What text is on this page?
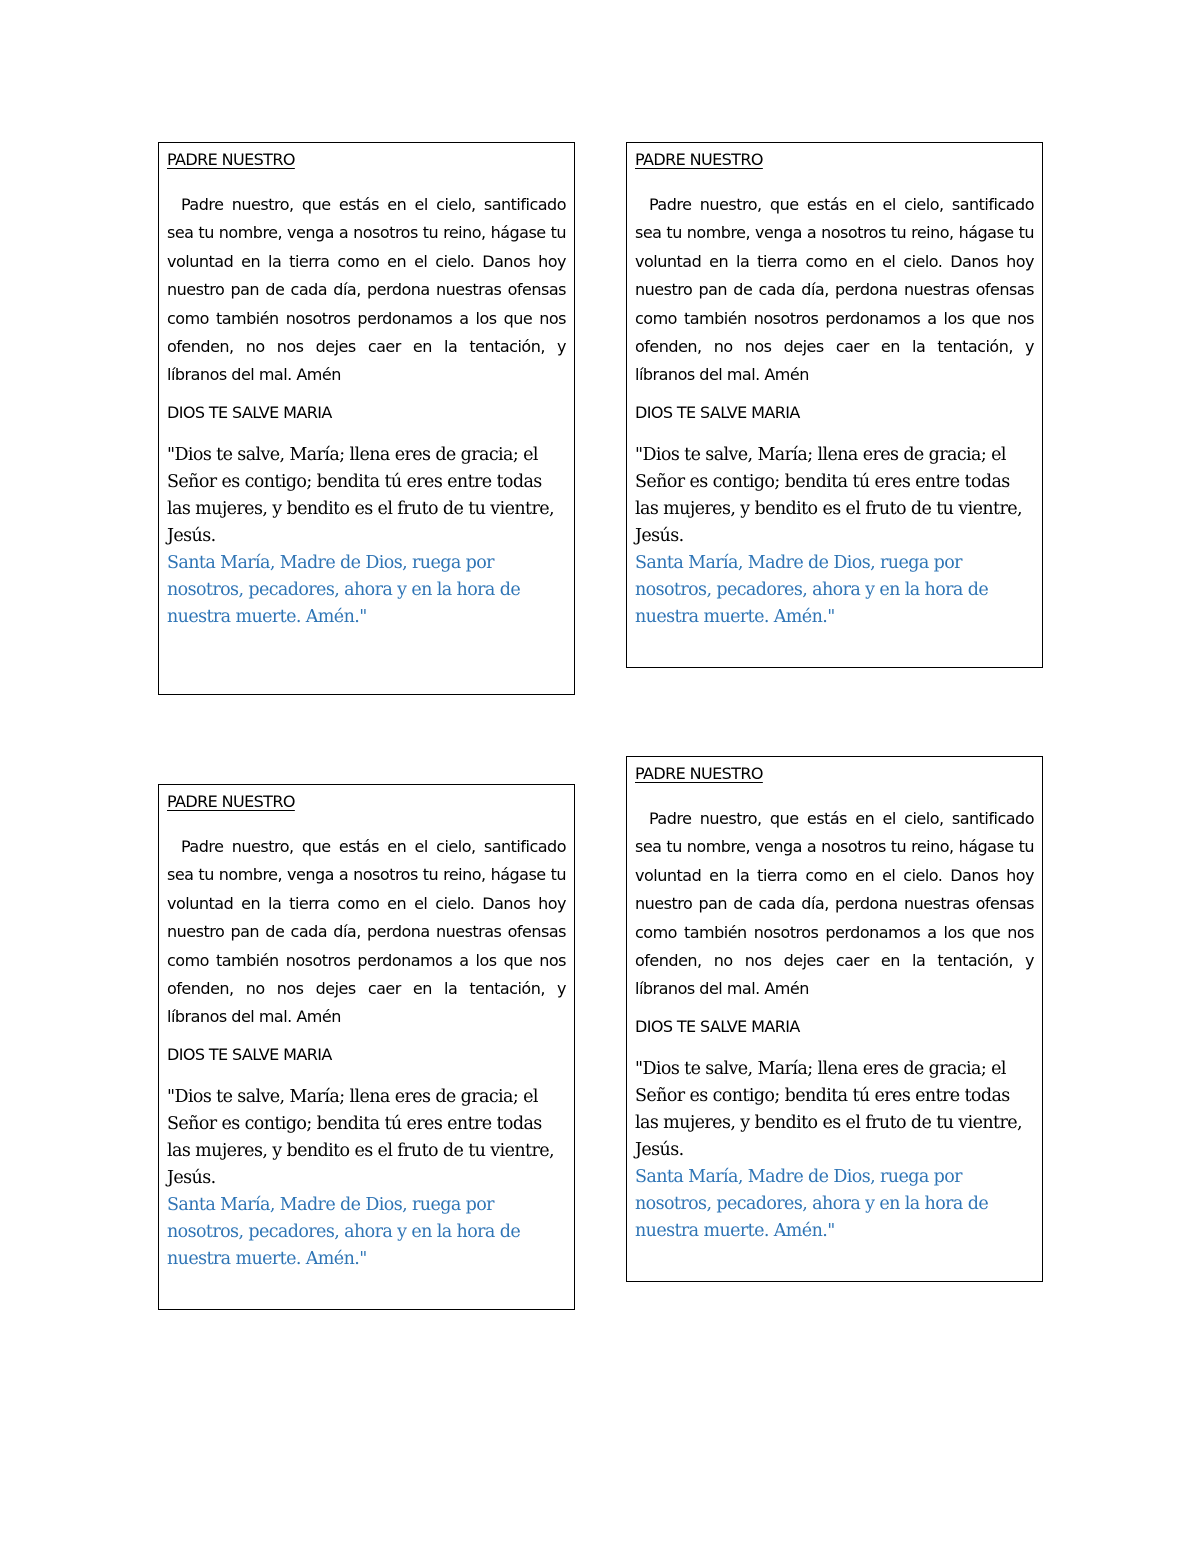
PADRE NUESTRO

Padre nuestro, que estás en el cielo, santificado sea tu nombre, venga a nosotros tu reino, hágase tu voluntad en la tierra como en el cielo. Danos hoy nuestro pan de cada día, perdona nuestras ofensas como también nosotros perdonamos a los que nos ofenden, no nos dejes caer en la tentación, y líbranos del mal. Amén

DIOS TE SALVE MARIA

"Dios te salve, María; llena eres de gracia; el Señor es contigo; bendita tú eres entre todas las mujeres, y bendito es el fruto de tu vientre, Jesús.
Santa María, Madre de Dios, ruega por nosotros, pecadores, ahora y en la hora de nuestra muerte. Amén."

PADRE NUESTRO

Padre nuestro, que estás en el cielo, santificado sea tu nombre, venga a nosotros tu reino, hágase tu voluntad en la tierra como en el cielo. Danos hoy nuestro pan de cada día, perdona nuestras ofensas como también nosotros perdonamos a los que nos ofenden, no nos dejes caer en la tentación, y líbranos del mal. Amén

DIOS TE SALVE MARIA

"Dios te salve, María; llena eres de gracia; el Señor es contigo; bendita tú eres entre todas las mujeres, y bendito es el fruto de tu vientre, Jesús.
Santa María, Madre de Dios, ruega por nosotros, pecadores, ahora y en la hora de nuestra muerte. Amén."

PADRE NUESTRO

Padre nuestro, que estás en el cielo, santificado sea tu nombre, venga a nosotros tu reino, hágase tu voluntad en la tierra como en el cielo. Danos hoy nuestro pan de cada día, perdona nuestras ofensas como también nosotros perdonamos a los que nos ofenden, no nos dejes caer en la tentación, y líbranos del mal. Amén

DIOS TE SALVE MARIA

"Dios te salve, María; llena eres de gracia; el Señor es contigo; bendita tú eres entre todas las mujeres, y bendito es el fruto de tu vientre, Jesús.
Santa María, Madre de Dios, ruega por nosotros, pecadores, ahora y en la hora de nuestra muerte. Amén."

PADRE NUESTRO

Padre nuestro, que estás en el cielo, santificado sea tu nombre, venga a nosotros tu reino, hágase tu voluntad en la tierra como en el cielo. Danos hoy nuestro pan de cada día, perdona nuestras ofensas como también nosotros perdonamos a los que nos ofenden, no nos dejes caer en la tentación, y líbranos del mal. Amén

DIOS TE SALVE MARIA

"Dios te salve, María; llena eres de gracia; el Señor es contigo; bendita tú eres entre todas las mujeres, y bendito es el fruto de tu vientre, Jesús.
Santa María, Madre de Dios, ruega por nosotros, pecadores, ahora y en la hora de nuestra muerte. Amén."
